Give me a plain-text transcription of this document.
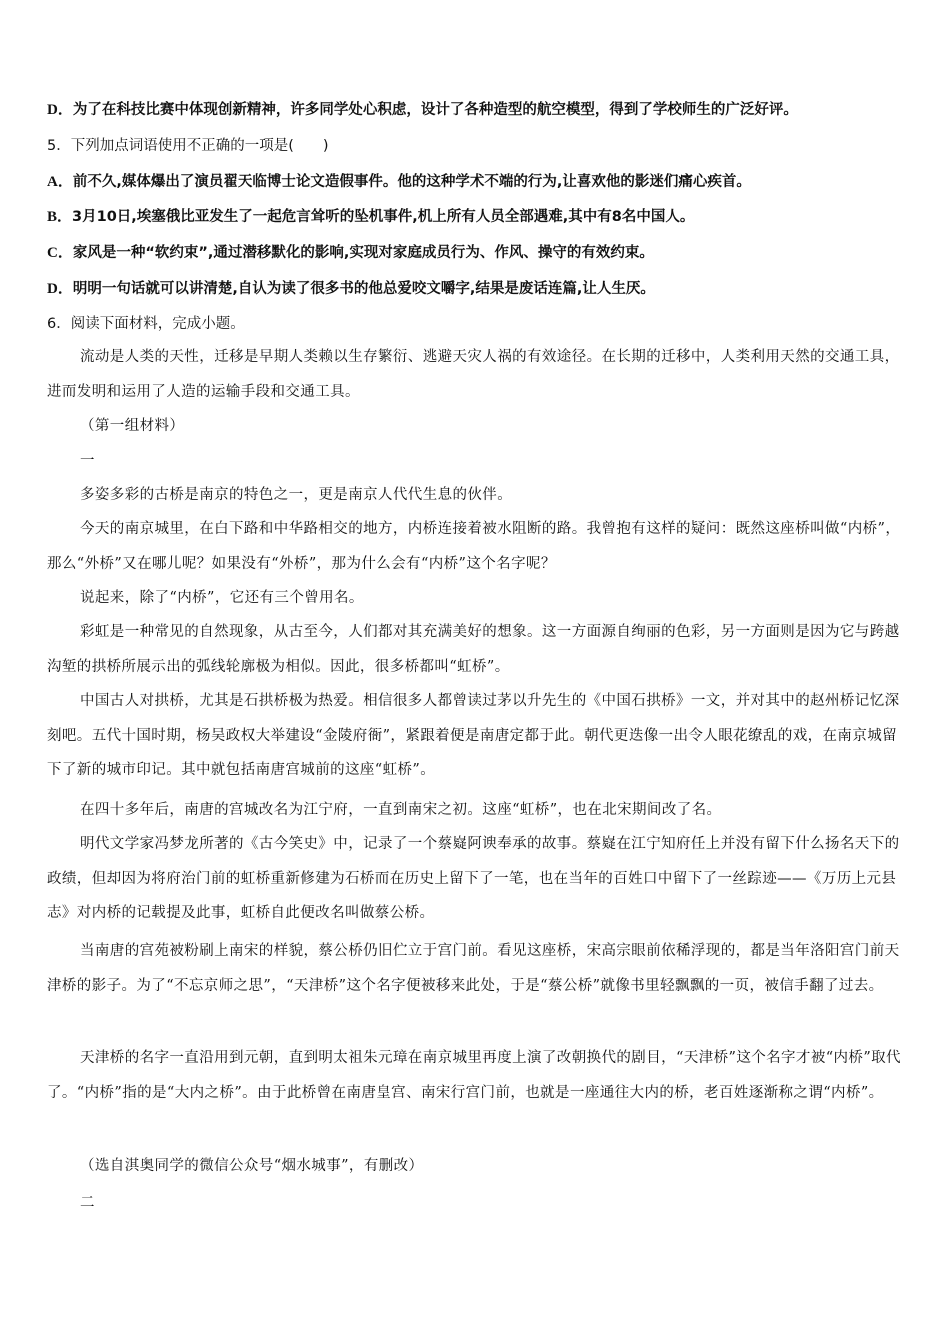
D．为了在科技比赛中体现创新精神，许多同学处心积虑，设计了各种造型的航空模型，得到了学校师生的广泛好评。
5．下列加点词语使用不正确的一项是(　　)
A．前不久,媒体爆出了演员翟天临博士论文造假事件。他的这种学术不端的行为,让喜欢他的影迷们痛心疾首。
B．3月10日,埃塞俄比亚发生了一起危言耸听的坠机事件,机上所有人员全部遇难,其中有8名中国人。
C．家风是一种“软约束”,通过潜移默化的影响,实现对家庭成员行为、作风、操守的有效约束。
D．明明一句话就可以讲清楚,自认为读了很多书的他总爱咬文嚼字,结果是废话连篇,让人生厌。
6．阅读下面材料，完成小题。
流动是人类的天性，迁移是早期人类赖以生存繁衍、逃避天灾人祸的有效途径。在长期的迁移中，人类利用天然的交通工具，进而发明和运用了人造的运输手段和交通工具。
（第一组材料）
一
多姿多彩的古桥是南京的特色之一，更是南京人代代生息的伙伴。
今天的南京城里，在白下路和中华路相交的地方，内桥连接着被水阻断的路。我曾抱有这样的疑问：既然这座桥叫做“内桥”，那么“外桥”又在哪儿呢？如果没有“外桥”，那为什么会有“内桥”这个名字呢？
说起来，除了“内桥”，它还有三个曾用名。
彩虹是一种常见的自然现象，从古至今，人们都对其充满美好的想象。这一方面源自绚丽的色彩，另一方面则是因为它与跨越沟堑的拱桥所展示出的弧线轮廓极为相似。因此，很多桥都叫“虹桥”。
中国古人对拱桥，尤其是石拱桥极为热爱。相信很多人都曾读过茅以升先生的《中国石拱桥》一文，并对其中的赵州桥记忆深刻吧。五代十国时期，杨吴政权大举建设“金陵府衙”，紧跟着便是南唐定都于此。朝代更迭像一出令人眼花缭乱的戏，在南京城留下了新的城市印记。其中就包括南唐宫城前的这座“虹桥”。
在四十多年后，南唐的宫城改名为江宁府，一直到南宋之初。这座“虹桥”，也在北宋期间改了名。
明代文学家冯梦龙所著的《古今笑史》中，记录了一个蔡嶷阿谀奉承的故事。蔡嶷在江宁知府任上并没有留下什么扬名天下的政绩，但却因为将府治门前的虹桥重新修建为石桥而在历史上留下了一笔，也在当年的百姓口中留下了一丝踪迹——《万历上元县志》对内桥的记载提及此事，虹桥自此便改名叫做蔡公桥。
当南唐的宫苑被粉刷上南宋的样貌，蔡公桥仍旧伫立于宫门前。看见这座桥，宋高宗眼前依稀浮现的，都是当年洛阳宫门前天津桥的影子。为了“不忘京师之思”，“天津桥”这个名字便被移来此处，于是“蔡公桥”就像书里轻飘飘的一页，被信手翻了过去。
天津桥的名字一直沿用到元朝，直到明太祖朱元璋在南京城里再度上演了改朝换代的剧目，“天津桥”这个名字才被“内桥”取代了。“内桥”指的是“大内之桥”。由于此桥曾在南唐皇宫、南宋行宫门前，也就是一座通往大内的桥，老百姓逐渐称之谓“内桥”。
（选自淇奥同学的微信公众号“烟水城事”，有删改）
二
